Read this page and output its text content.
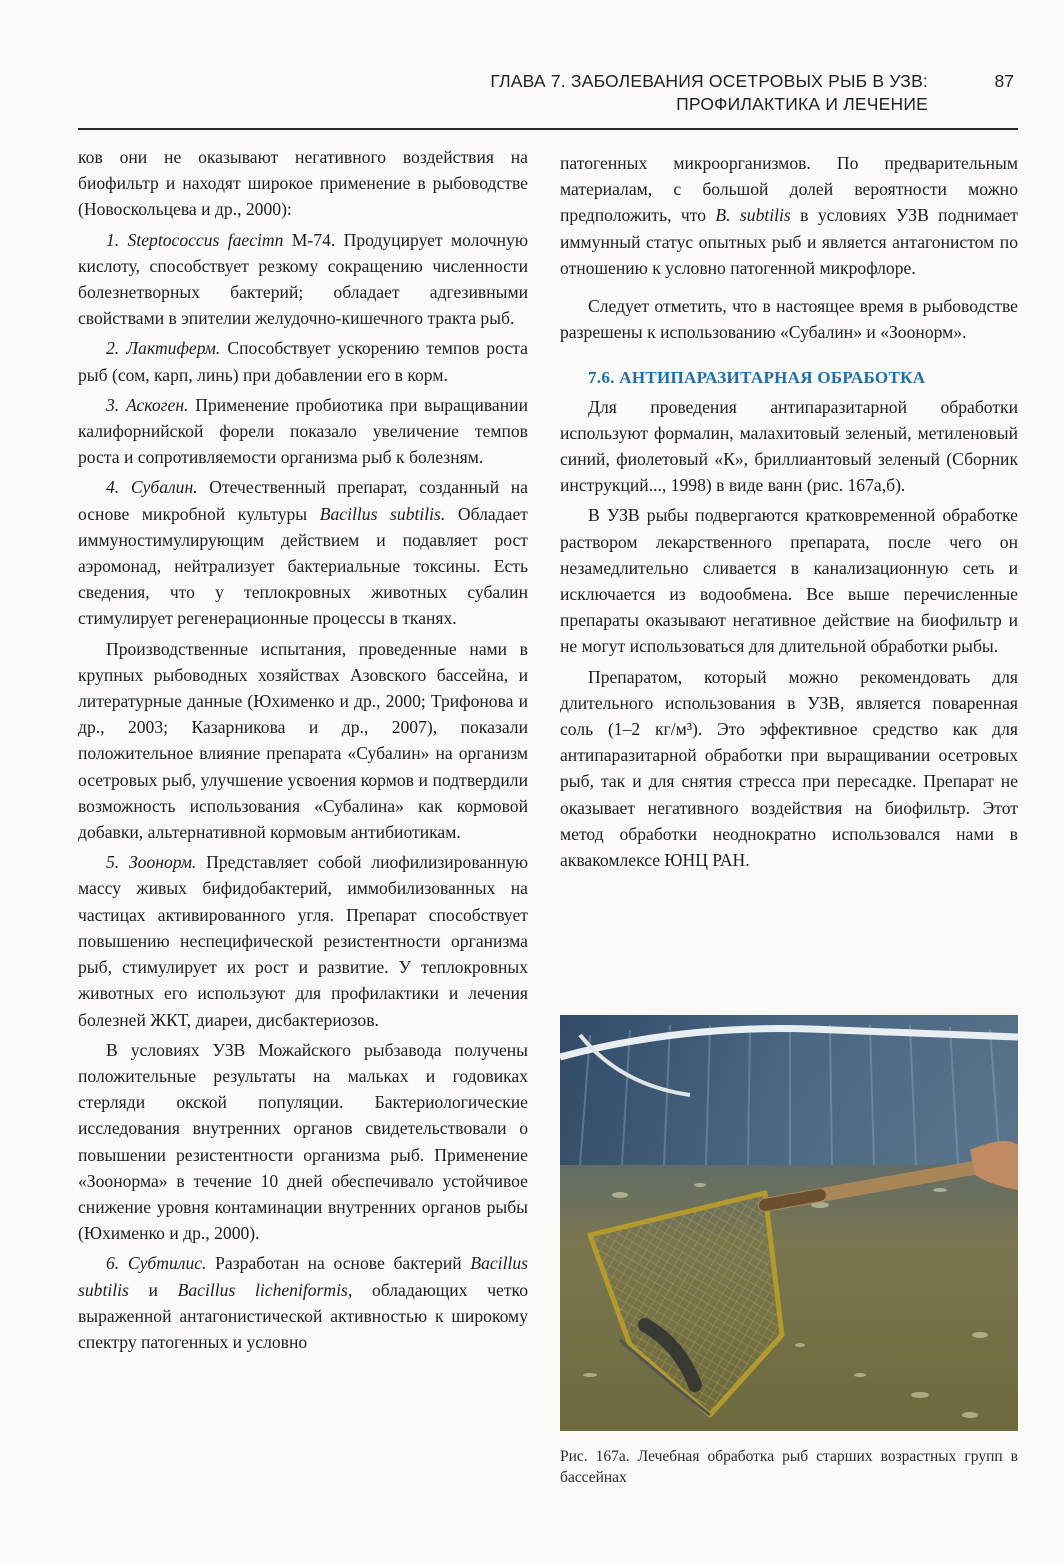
ГЛАВА 7. ЗАБОЛЕВАНИЯ ОСЕТРОВЫХ РЫБ В УЗВ:
ПРОФИЛАКТИКА И ЛЕЧЕНИЕ
87

ков они не оказывают негативного воздействия на биофильтр и находят широкое применение в рыбоводстве (Новоскольцева и др., 2000):

1. Steptococcus faecimn М-74. Продуцирует молочную кислоту, способствует резкому сокращению численности болезнетворных бактерий; обладает адгезивными свойствами в эпителии желудочно-кишечного тракта рыб.

2. Лактиферм. Способствует ускорению темпов роста рыб (сом, карп, линь) при добавлении его в корм.

3. Аскоген. Применение пробиотика при выращивании калифорнийской форели показало увеличение темпов роста и сопротивляемости организма рыб к болезням.

4. Субалин. Отечественный препарат, созданный на основе микробной культуры Bacillus subtilis. Обладает иммуностимулирующим действием и подавляет рост аэромонад, нейтрализует бактериальные токсины. Есть сведения, что у теплокровных животных субалин стимулирует регенерационные процессы в тканях.

Производственные испытания, проведенные нами в крупных рыбоводных хозяйствах Азовского бассейна, и литературные данные (Юхименко и др., 2000; Трифонова и др., 2003; Казарникова и др., 2007), показали положительное влияние препарата «Субалин» на организм осетровых рыб, улучшение усвоения кормов и подтвердили возможность использования «Субалина» как кормовой добавки, альтернативной кормовым антибиотикам.

5. Зоонорм. Представляет собой лиофилизированную массу живых бифидобактерий, иммобилизованных на частицах активированного угля. Препарат способствует повышению неспецифической резистентности организма рыб, стимулирует их рост и развитие. У теплокровных животных его используют для профилактики и лечения болезней ЖКТ, диареи, дисбактериозов.

В условиях УЗВ Можайского рыбзавода получены положительные результаты на мальках и годовиках стерляди окской популяции. Бактериологические исследования внутренних органов свидетельствовали о повышении резистентности организма рыб. Применение «Зоонорма» в течение 10 дней обеспечивало устойчивое снижение уровня контаминации внутренних органов рыбы (Юхименко и др., 2000).

6. Субтилис. Разработан на основе бактерий Bacillus subtilis и Bacillus licheniformis, обладающих четко выраженной антагонистической активностью к широкому спектру патогенных и условно

патогенных микроорганизмов. По предварительным материалам, с большой долей вероятности можно предположить, что B. subtilis в условиях УЗВ поднимает иммунный статус опытных рыб и является антагонистом по отношению к условно патогенной микрофлоре.

Следует отметить, что в настоящее время в рыбоводстве разрешены к использованию «Субалин» и «Зоонорм».

7.6. АНТИПАРАЗИТАРНАЯ ОБРАБОТКА

Для проведения антипаразитарной обработки используют формалин, малахитовый зеленый, метиленовый синий, фиолетовый «К», бриллиантовый зеленый (Сборник инструкций..., 1998) в виде ванн (рис. 167а,б).

В УЗВ рыбы подвергаются кратковременной обработке раствором лекарственного препарата, после чего он незамедлительно сливается в канализационную сеть и исключается из водообмена. Все выше перечисленные препараты оказывают негативное действие на биофильтр и не могут использоваться для длительной обработки рыбы.

Препаратом, который можно рекомендовать для длительного использования в УЗВ, является поваренная соль (1–2 кг/м³). Это эффективное средство как для антипаразитарной обработки при выращивании осетровых рыб, так и для снятия стресса при пересадке. Препарат не оказывает негативного воздействия на биофильтр. Этот метод обработки неоднократно использовался нами в аквакомлексе ЮНЦ РАН.

Рис. 167а. Лечебная обработка рыб старших возрастных групп в бассейнах
